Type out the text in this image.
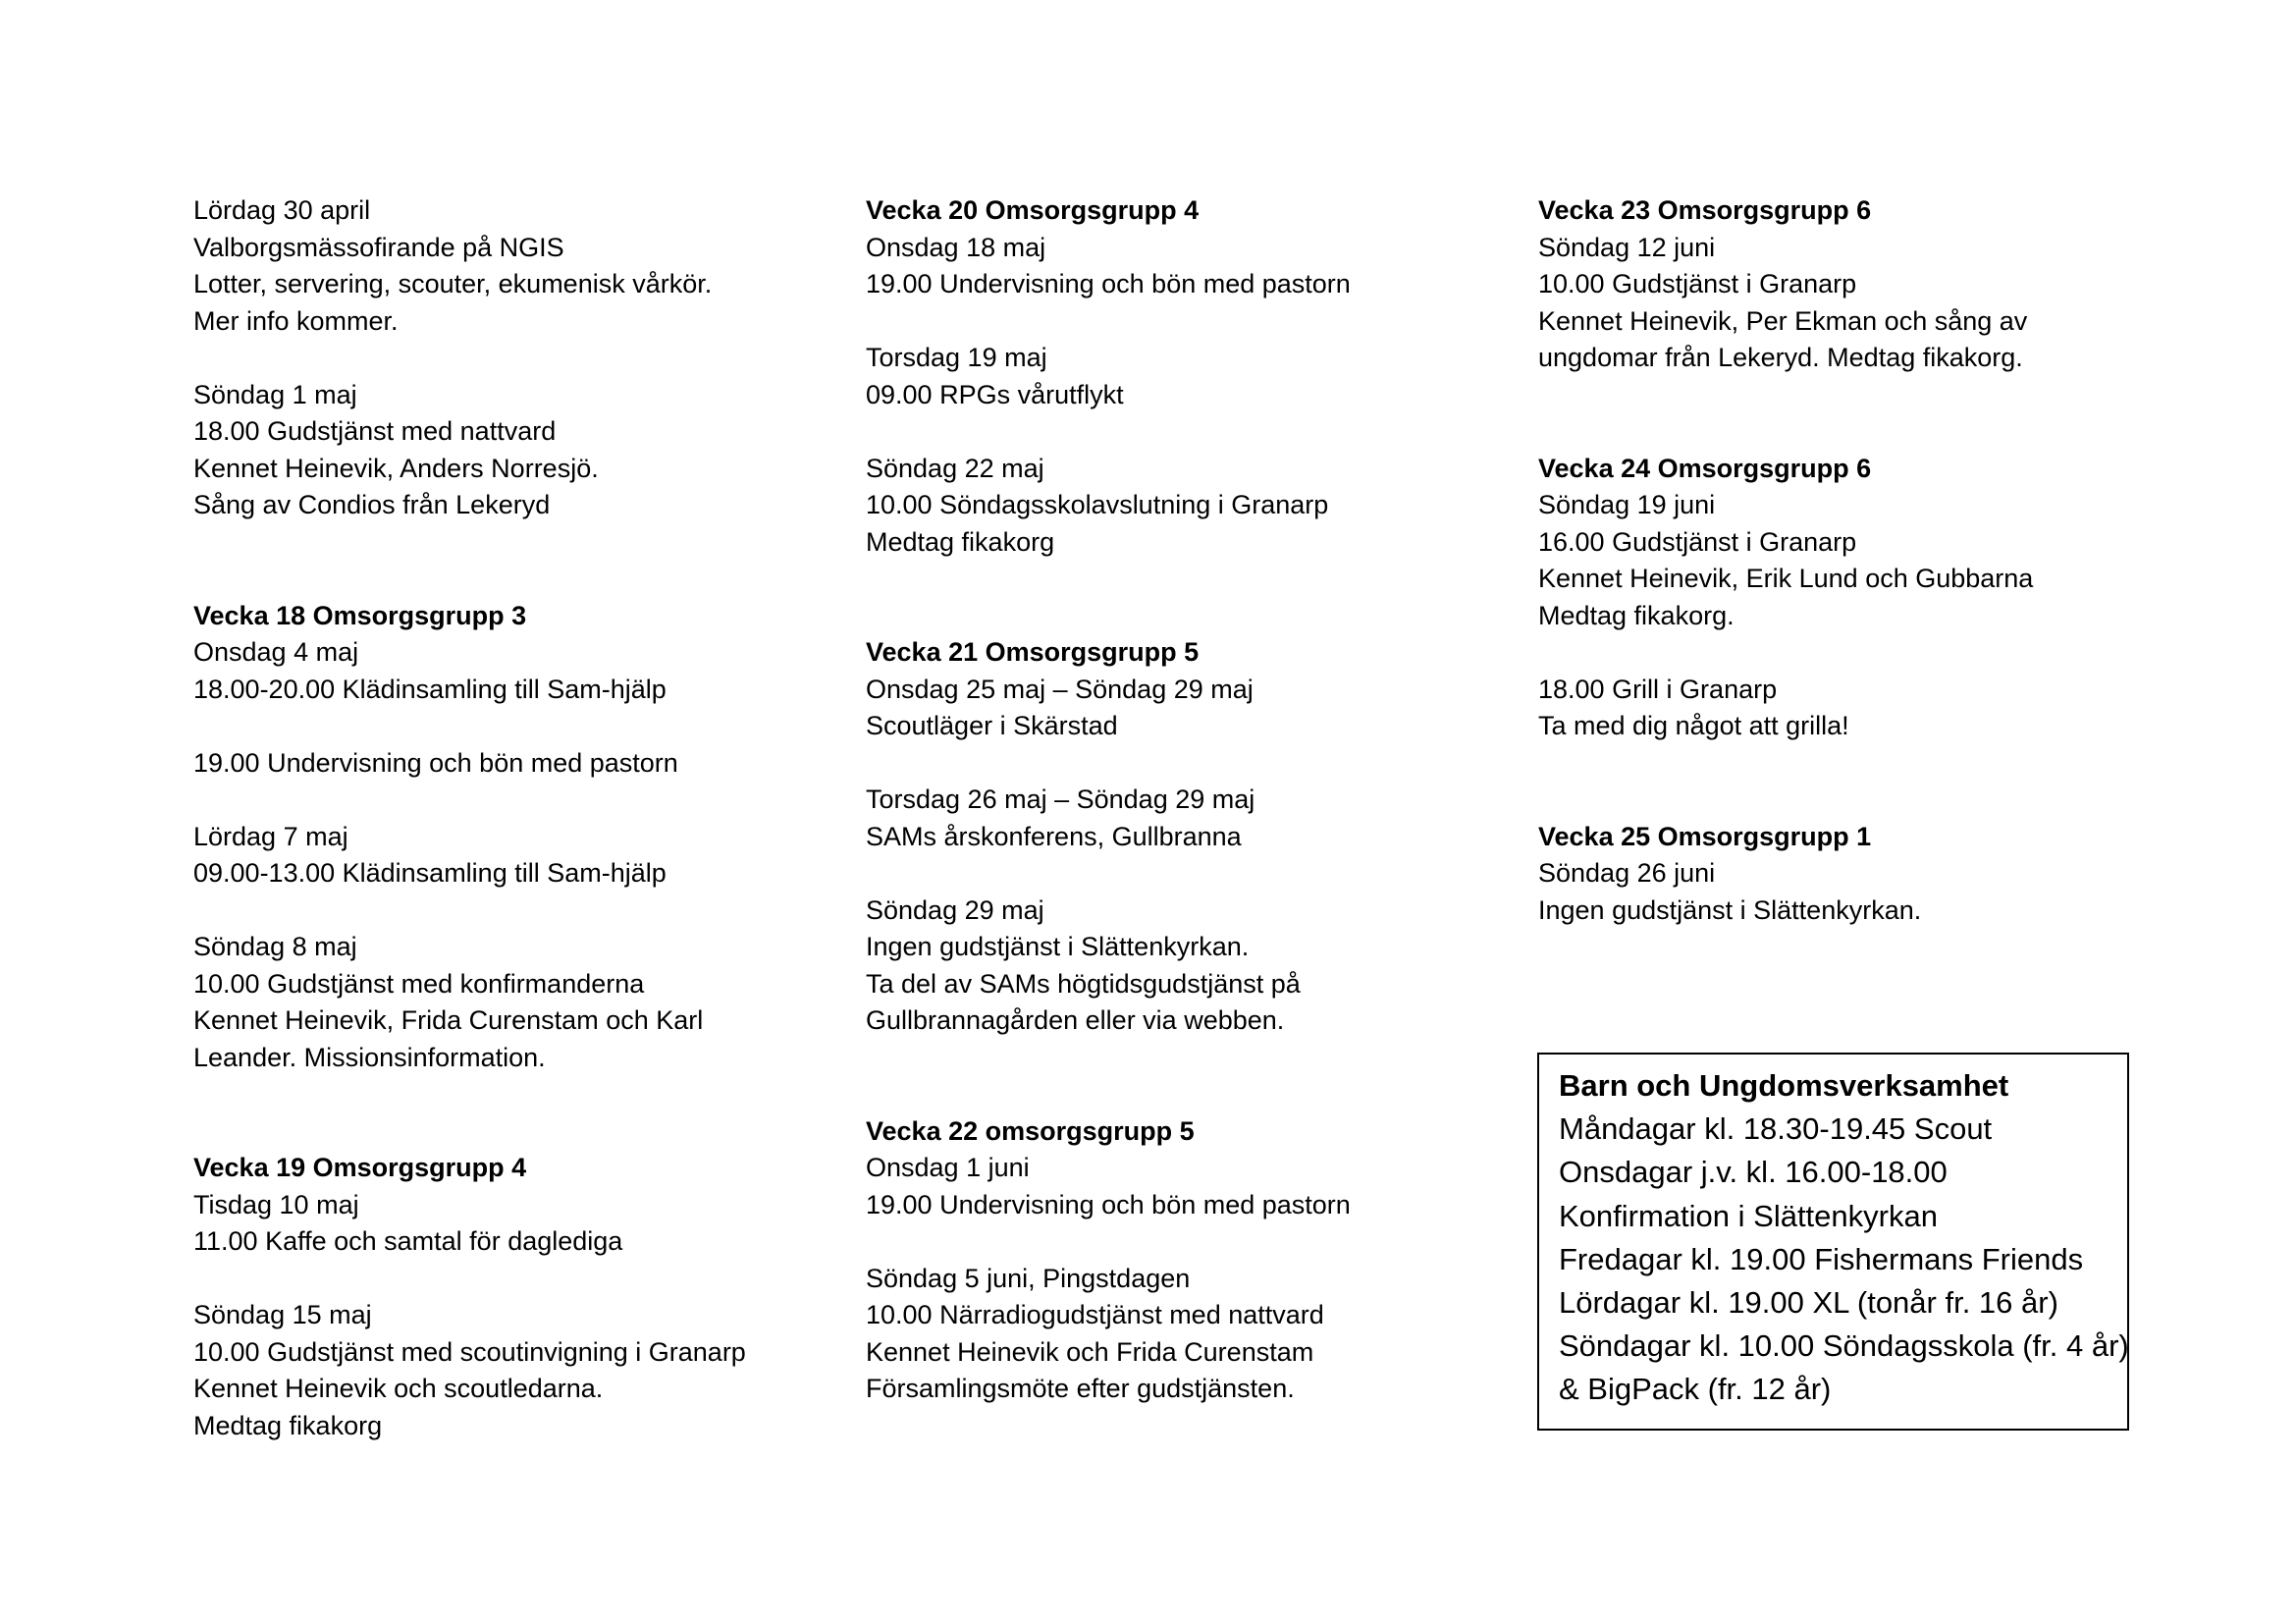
Lördag 30 april
Valborgsmässofirande på NGIS
Lotter, servering, scouter, ekumenisk vårkör.
Mer info kommer.
Söndag 1 maj
18.00 Gudstjänst med nattvard
Kennet Heinevik, Anders Norresjö.
Sång av Condios från Lekeryd
Vecka 18 Omsorgsgrupp 3
Onsdag 4 maj
18.00-20.00 Klädinsamling till Sam-hjälp
19.00 Undervisning och bön med pastorn
Lördag 7 maj
09.00-13.00 Klädinsamling till Sam-hjälp
Söndag 8 maj
10.00 Gudstjänst med konfirmanderna
Kennet Heinevik, Frida Curenstam och Karl
Leander. Missionsinformation.
Vecka 19 Omsorgsgrupp 4
Tisdag 10 maj
11.00 Kaffe och samtal för daglediga
Söndag 15 maj
10.00 Gudstjänst med scoutinvigning i Granarp
Kennet Heinevik och scoutledarna.
Medtag fikakorg
Vecka 20 Omsorgsgrupp 4
Onsdag 18 maj
19.00 Undervisning och bön med pastorn
Torsdag 19 maj
09.00 RPGs vårutflykt
Söndag 22 maj
10.00 Söndagsskolavslutning i Granarp
Medtag fikakorg
Vecka 21 Omsorgsgrupp 5
Onsdag 25 maj – Söndag 29 maj
Scoutläger i Skärstad
Torsdag 26 maj – Söndag 29 maj
SAMs årskonferens, Gullbranna
Söndag 29 maj
Ingen gudstjänst i Slättenkyrkan.
Ta del av SAMs högtidsgudstjänst på
Gullbrannagården eller via webben.
Vecka 22 omsorgsgrupp 5
Onsdag 1 juni
19.00 Undervisning och bön med pastorn
Söndag 5 juni, Pingstdagen
10.00 Närradiogudstjänst med nattvard
Kennet Heinevik och Frida Curenstam
Församlingsmöte efter gudstjänsten.
Vecka 23 Omsorgsgrupp 6
Söndag 12 juni
10.00 Gudstjänst i Granarp
Kennet Heinevik, Per Ekman och sång av
ungdomar från Lekeryd. Medtag fikakorg.
Vecka 24 Omsorgsgrupp 6
Söndag 19 juni
16.00 Gudstjänst i Granarp
Kennet Heinevik, Erik Lund och Gubbarna
Medtag fikakorg.
18.00 Grill i Granarp
Ta med dig något att grilla!
Vecka 25 Omsorgsgrupp 1
Söndag 26 juni
Ingen gudstjänst i Slättenkyrkan.
Barn och Ungdomsverksamhet
Måndagar kl. 18.30-19.45 Scout
Onsdagar j.v. kl. 16.00-18.00
Konfirmation i Slättenkyrkan
Fredagar kl. 19.00 Fishermans Friends
Lördagar kl. 19.00 XL (tonår fr. 16 år)
Söndagar kl. 10.00 Söndagsskola (fr. 4 år)
& BigPack (fr. 12 år)
